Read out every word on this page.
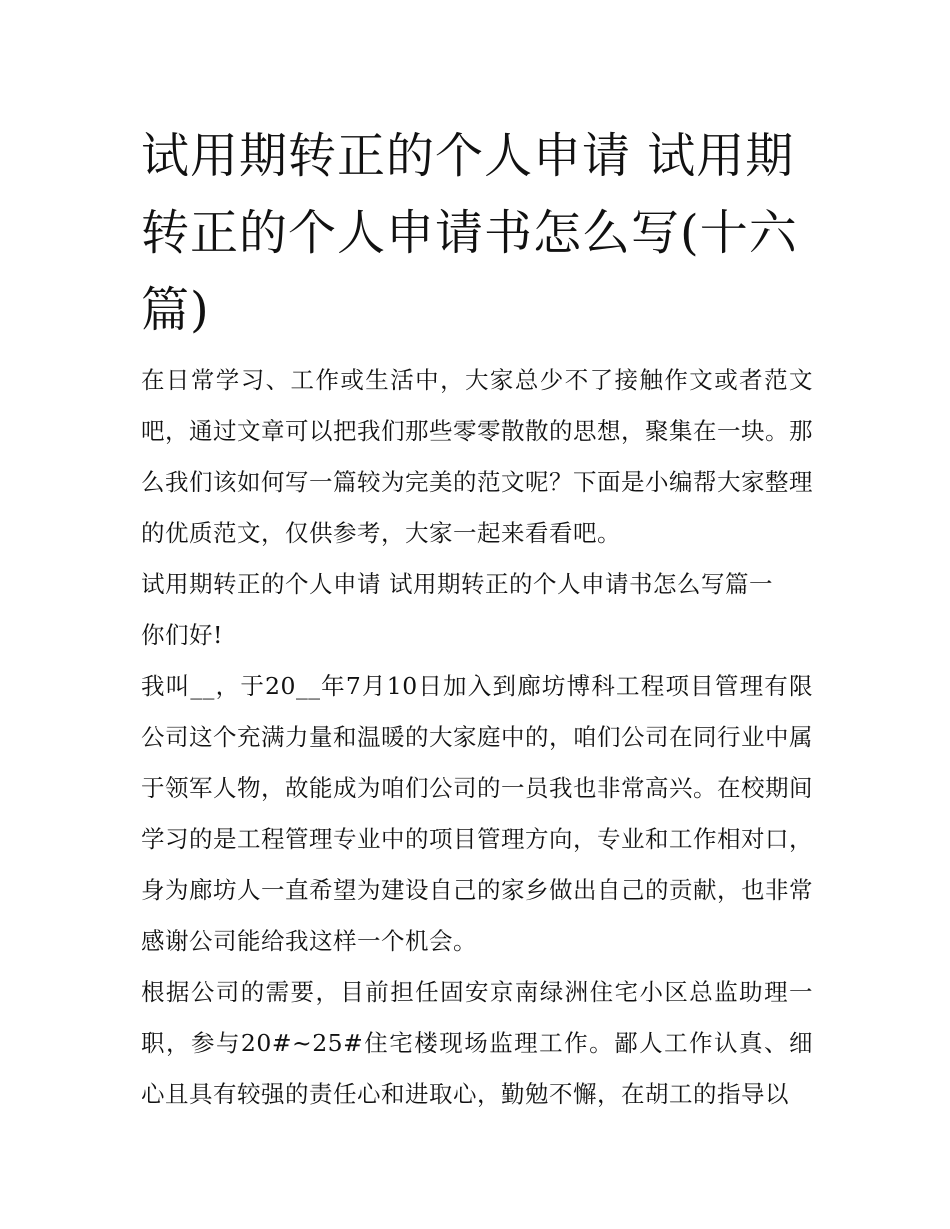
试用期转正的个人申请 试用期转正的个人申请书怎么写(十六篇)

在日常学习、工作或生活中，大家总少不了接触作文或者范文吧，通过文章可以把我们那些零零散散的思想，聚集在一块。那么我们该如何写一篇较为完美的范文呢？下面是小编帮大家整理的优质范文，仅供参考，大家一起来看看吧。

试用期转正的个人申请 试用期转正的个人申请书怎么写篇一

你们好!

我叫__，于20__年7月10日加入到廊坊博科工程项目管理有限公司这个充满力量和温暖的大家庭中的，咱们公司在同行业中属于领军人物，故能成为咱们公司的一员我也非常高兴。在校期间学习的是工程管理专业中的项目管理方向，专业和工作相对口，身为廊坊人一直希望为建设自己的家乡做出自己的贡献，也非常感谢公司能给我这样一个机会。

根据公司的需要，目前担任固安京南绿洲住宅小区总监助理一职，参与20#~25#住宅楼现场监理工作。鄙人工作认真、细心且具有较强的责任心和进取心，勤勉不懈，在胡工的指导以
